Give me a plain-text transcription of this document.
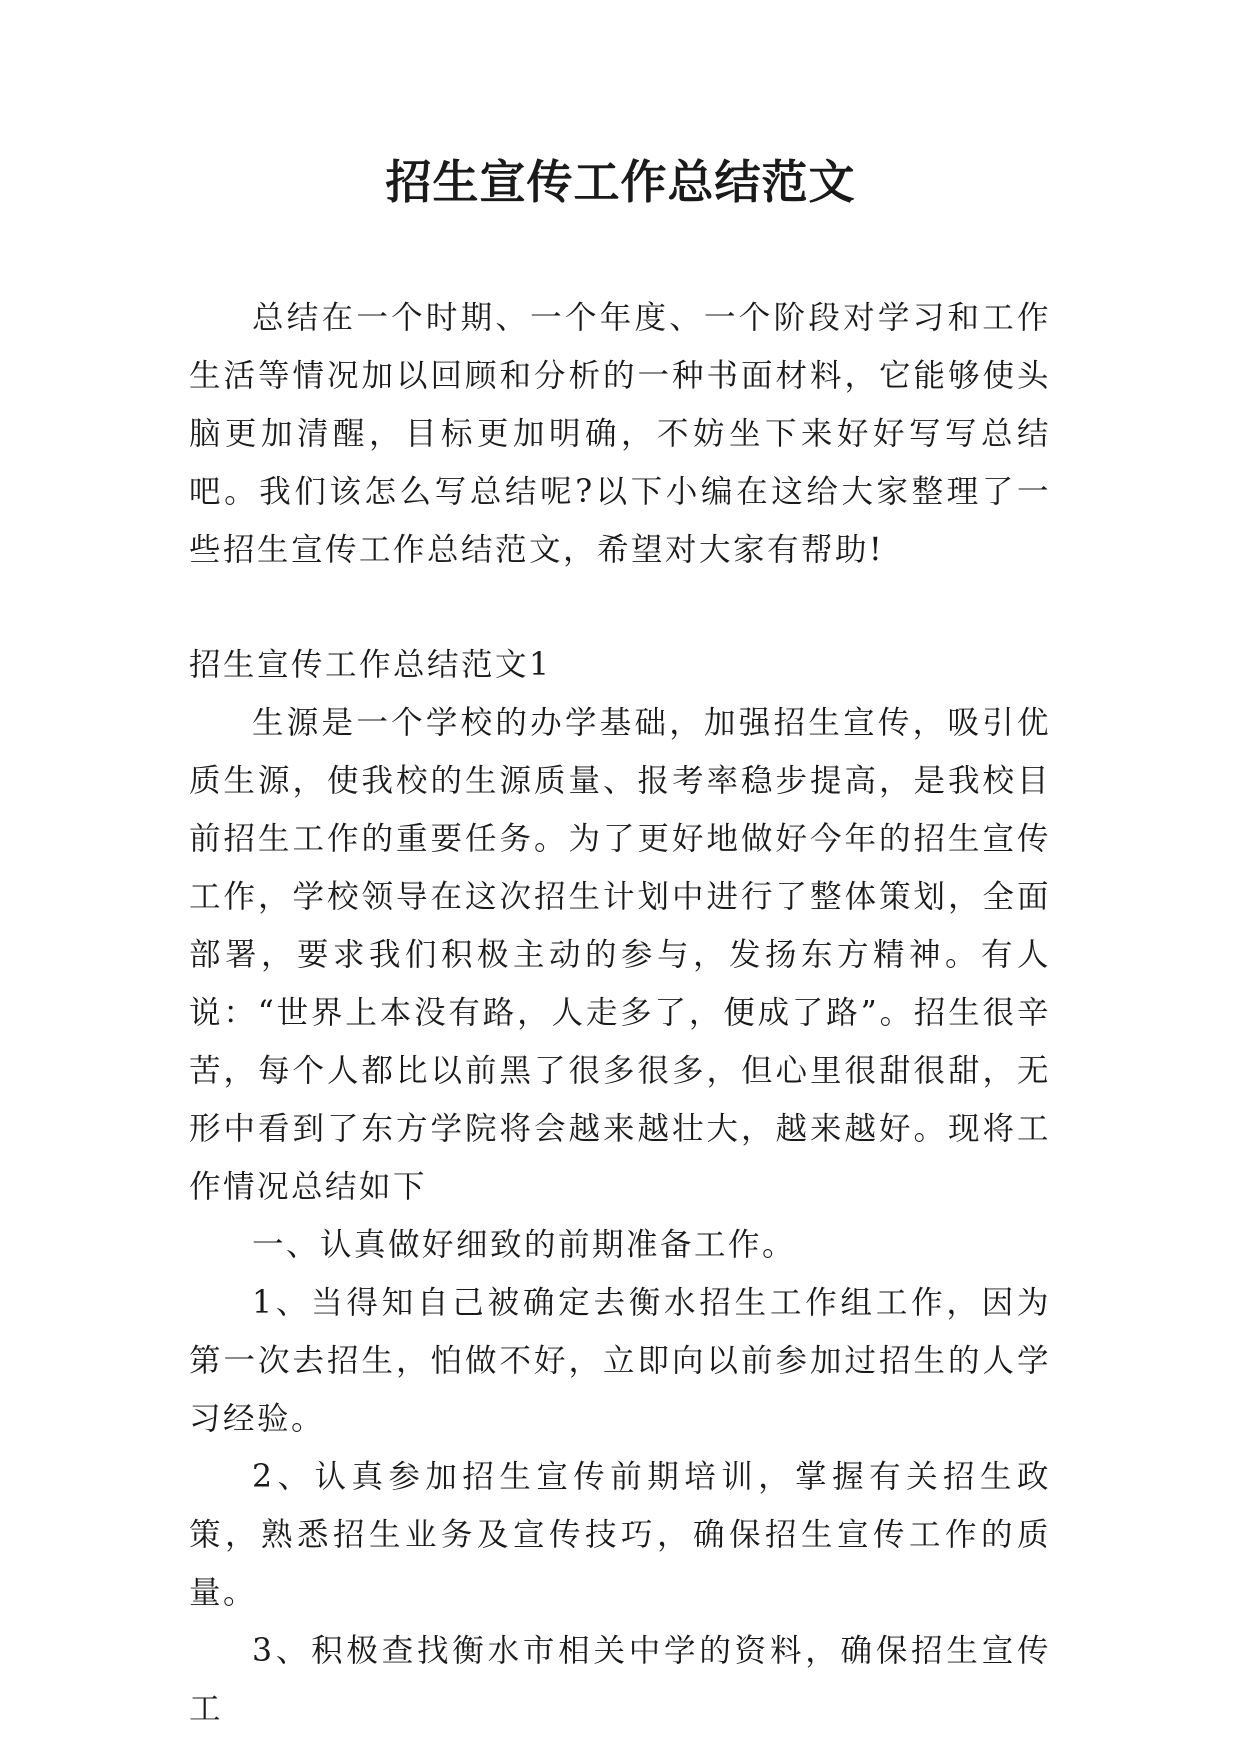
招生宣传工作总结范文

总结在一个时期、一个年度、一个阶段对学习和工作生活等情况加以回顾和分析的一种书面材料，它能够使头脑更加清醒，目标更加明确，不妨坐下来好好写写总结吧。我们该怎么写总结呢?以下小编在这给大家整理了一些招生宣传工作总结范文，希望对大家有帮助!

招生宣传工作总结范文1

生源是一个学校的办学基础，加强招生宣传，吸引优质生源，使我校的生源质量、报考率稳步提高，是我校目前招生工作的重要任务。为了更好地做好今年的招生宣传工作，学校领导在这次招生计划中进行了整体策划，全面部署，要求我们积极主动的参与，发扬东方精神。有人说：“世界上本没有路，人走多了，便成了路”。招生很辛苦，每个人都比以前黑了很多很多，但心里很甜很甜，无形中看到了东方学院将会越来越壮大，越来越好。现将工作情况总结如下

一、认真做好细致的前期准备工作。

1、当得知自己被确定去衡水招生工作组工作，因为第一次去招生，怕做不好，立即向以前参加过招生的人学习经验。

2、认真参加招生宣传前期培训，掌握有关招生政策，熟悉招生业务及宣传技巧，确保招生宣传工作的质量。

3、积极查找衡水市相关中学的资料，确保招生宣传工
